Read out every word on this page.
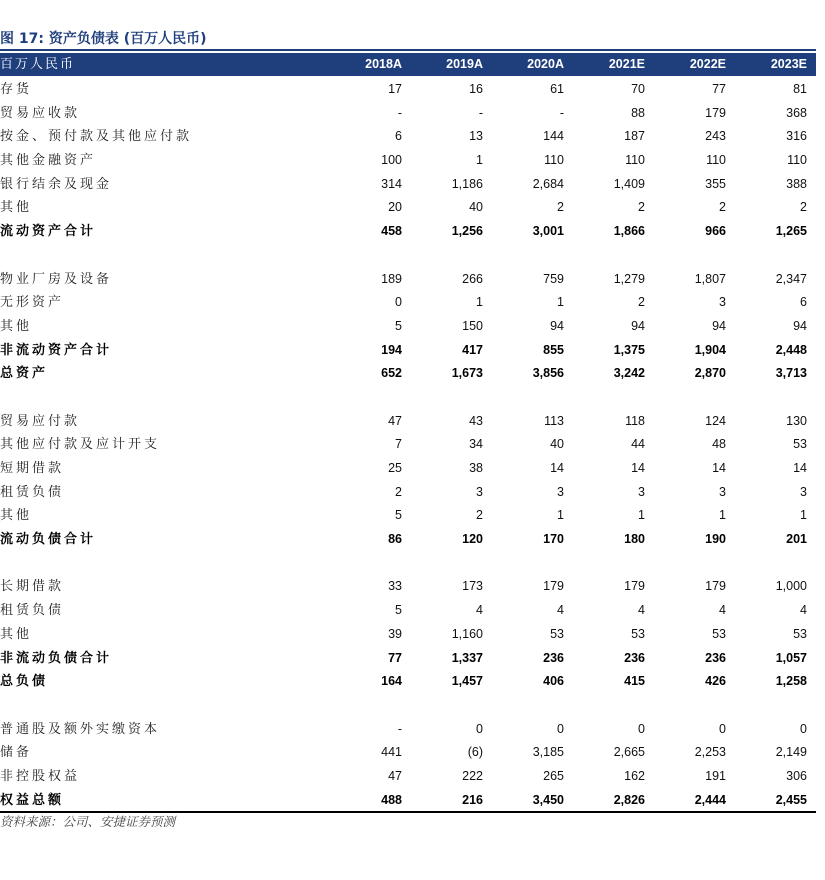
图 17: 资产负债表 (百万人民币)
百万人民币	2018A	2019A	2020A	2021E	2022E	2023E
存货	17	16	61	70	77	81
贸易应收款	-	-	-	88	179	368
按金、预付款及其他应付款	6	13	144	187	243	316
其他金融资产	100	1	110	110	110	110
银行结余及现金	314	1,186	2,684	1,409	355	388
其他	20	40	2	2	2	2
流动资产合计	458	1,256	3,001	1,866	966	1,265
物业厂房及设备	189	266	759	1,279	1,807	2,347
无形资产	0	1	1	2	3	6
其他	5	150	94	94	94	94
非流动资产合计	194	417	855	1,375	1,904	2,448
总资产	652	1,673	3,856	3,242	2,870	3,713
贸易应付款	47	43	113	118	124	130
其他应付款及应计开支	7	34	40	44	48	53
短期借款	25	38	14	14	14	14
租赁负债	2	3	3	3	3	3
其他	5	2	1	1	1	1
流动负债合计	86	120	170	180	190	201
长期借款	33	173	179	179	179	1,000
租赁负债	5	4	4	4	4	4
其他	39	1,160	53	53	53	53
非流动负债合计	77	1,337	236	236	236	1,057
总负债	164	1,457	406	415	426	1,258
普通股及额外实缴资本	-	0	0	0	0	0
储备	441	(6)	3,185	2,665	2,253	2,149
非控股权益	47	222	265	162	191	306
权益总额	488	216	3,450	2,826	2,444	2,455
资料来源：公司、安捷证券预测
